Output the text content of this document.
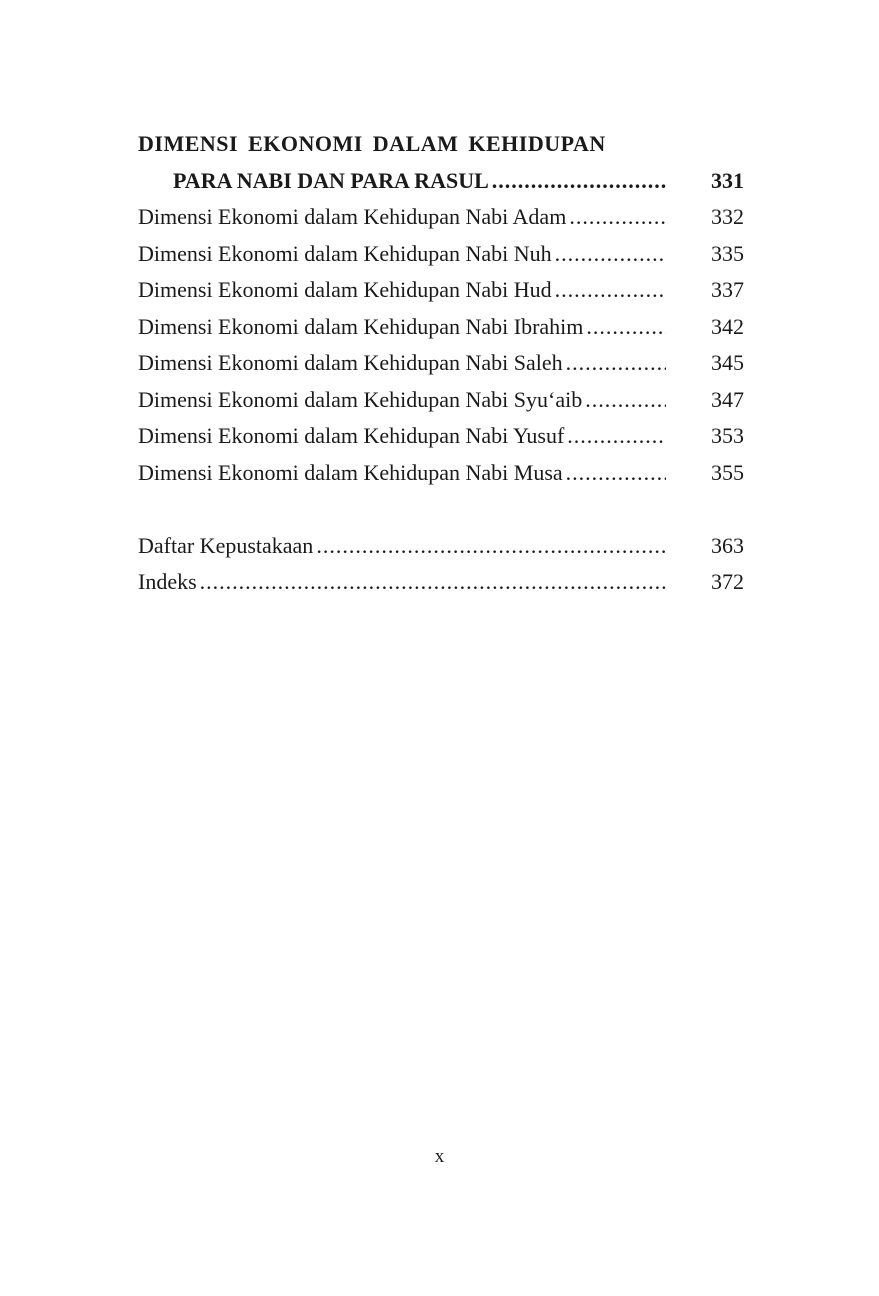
DIMENSI EKONOMI DALAM KEHIDUPAN
PARA NABI DAN PARA RASUL .....	331
Dimensi Ekonomi dalam Kehidupan Nabi Adam .....	332
Dimensi Ekonomi dalam Kehidupan Nabi Nuh .....	335
Dimensi Ekonomi dalam Kehidupan Nabi Hud .....	337
Dimensi Ekonomi dalam Kehidupan Nabi Ibrahim .....	342
Dimensi Ekonomi dalam Kehidupan Nabi Saleh .....	345
Dimensi Ekonomi dalam Kehidupan Nabi Syu‘aib .....	347
Dimensi Ekonomi dalam Kehidupan Nabi Yusuf .....	353
Dimensi Ekonomi dalam Kehidupan Nabi Musa .....	355
Daftar Kepustakaan .....	363
Indeks .....	372
x
